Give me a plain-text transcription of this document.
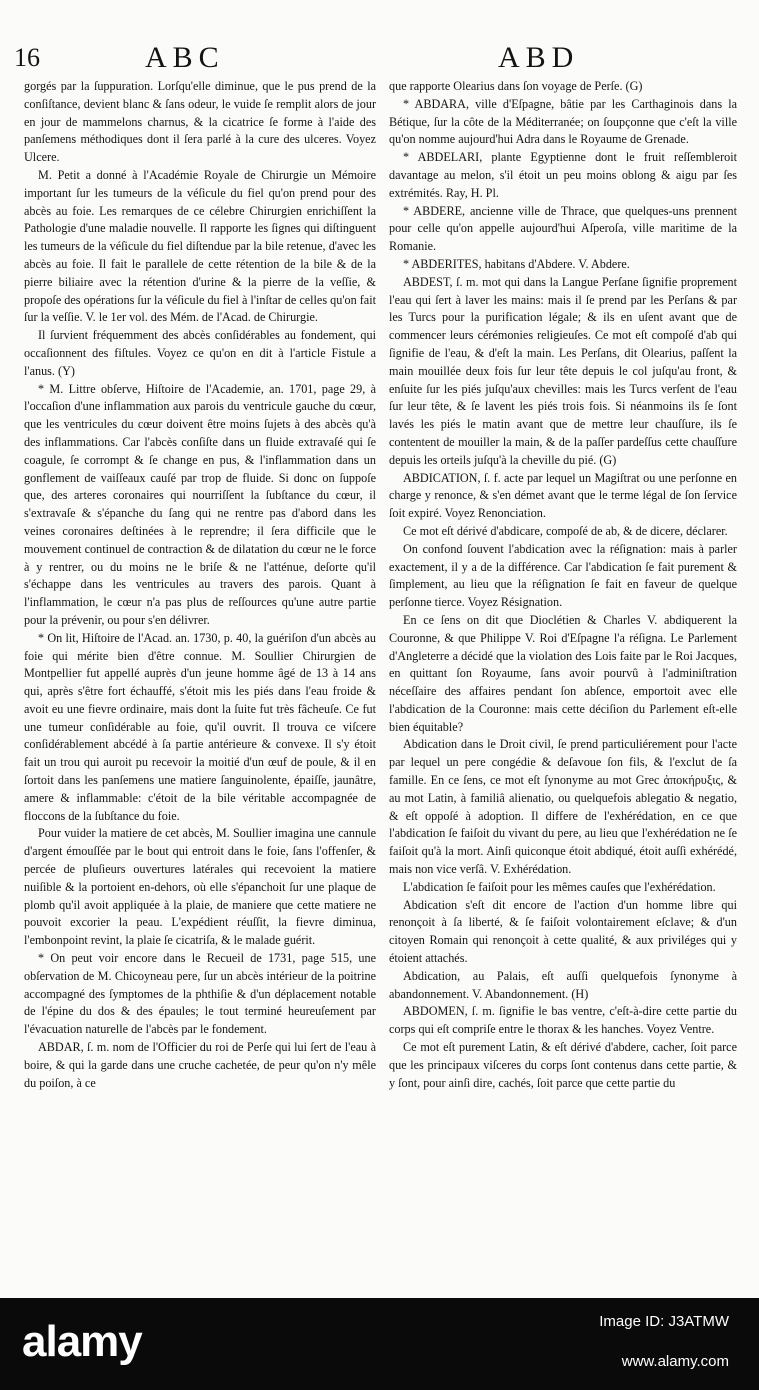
16	ABC	ABD

gorgés par la ſuppuration. Lorſqu'elle diminue, que le pus prend de la conſiſtance, devient blanc & ſans odeur, le vuide ſe remplit alors de jour en jour de mammelons charnus, & la cicatrice ſe forme à l'aide des panſemens méthodiques dont il ſera parlé à la cure des ulceres. Voyez Ulcere.

M. Petit a donné à l'Académie Royale de Chirurgie un Mémoire important ſur les tumeurs de la véſicule du fiel qu'on prend pour des abcès au foie. Les remarques de ce célebre Chirurgien enrichiſſent la Pathologie d'une maladie nouvelle. Il rapporte les ſignes qui diſtinguent les tumeurs de la véſicule du fiel diſtendue par la bile retenue, d'avec les abcès au foie. Il fait le parallele de cette rétention de la bile & de la pierre biliaire avec la rétention d'urine & la pierre de la veſſie, & propoſe des opérations ſur la véſicule du fiel à l'inſtar de celles qu'on fait ſur la veſſie. V. le 1er vol. des Mém. de l'Acad. de Chirurgie.

Il ſurvient fréquemment des abcès conſidérables au fondement, qui occaſionnent des fiſtules. Voyez ce qu'on en dit à l'article Fistule a l'anus. (Y)

* M. Littre obſerve, Hiſtoire de l'Academie, an. 1701, page 29, à l'occaſion d'une inflammation aux parois du ventricule gauche du cœur, que les ventricules du cœur doivent être moins ſujets à des abcès qu'à des inflammations. Car l'abcès conſiſte dans un fluide extravaſé qui ſe coagule, ſe corrompt & ſe change en pus, & l'inflammation dans un gonflement de vaiſſeaux cauſé par trop de fluide. Si donc on ſuppoſe que, des arteres coronaires qui nourriſſent la ſubſtance du cœur, il s'extravaſe & s'épanche du ſang qui ne rentre pas d'abord dans les veines coronaires deſtinées à le reprendre; il ſera difficile que le mouvement continuel de contraction & de dilatation du cœur ne le force à y rentrer, ou du moins ne le briſe & ne l'atténue, deſorte qu'il s'échappe dans les ventricules au travers des parois. Quant à l'inflammation, le cœur n'a pas plus de reſſources qu'une autre partie pour la prévenir, ou pour s'en délivrer.

* On lit, Hiſtoire de l'Acad. an. 1730, p. 40, la guériſon d'un abcès au foie qui mérite bien d'être connue. M. Soullier Chirurgien de Montpellier fut appellé auprès d'un jeune homme âgé de 13 à 14 ans qui, après s'être fort échauffé, s'étoit mis les piés dans l'eau froide & avoit eu une fievre ordinaire, mais dont la ſuite fut très fâcheuſe. Ce fut une tumeur conſidérable au foie, qu'il ouvrit. Il trouva ce viſcere conſidérablement abcédé à ſa partie antérieure & convexe. Il s'y étoit fait un trou qui auroit pu recevoir la moitié d'un œuf de poule, & il en ſortoit dans les panſemens une matiere ſanguinolente, épaiſſe, jaunâtre, amere & inflammable: c'étoit de la bile véritable accompagnée de floccons de la ſubſtance du foie.

Pour vuider la matiere de cet abcès, M. Soullier imagina une cannule d'argent émouſſée par le bout qui entroit dans le foie, ſans l'offenſer, & percée de pluſieurs ouvertures latérales qui recevoient la matiere nuiſible & la portoient en-dehors, où elle s'épanchoit ſur une plaque de plomb qu'il avoit appliquée à la plaie, de maniere que cette matiere ne pouvoit excorier la peau. L'expédient réuſſit, la fievre diminua, l'embonpoint revint, la plaie ſe cicatriſa, & le malade guérit.

* On peut voir encore dans le Recueil de 1731, page 515, une obſervation de M. Chicoyneau pere, ſur un abcès intérieur de la poitrine accompagné des ſymptomes de la phthiſie & d'un déplacement notable de l'épine du dos & des épaules; le tout terminé heureuſement par l'évacuation naturelle de l'abcès par le fondement.

ABDAR, ſ. m. nom de l'Officier du roi de Perſe qui lui ſert de l'eau à boire, & qui la garde dans une cruche cachetée, de peur qu'on n'y mêle du poiſon, à ce

que rapporte Olearius dans ſon voyage de Perſe. (G)

* ABDARA, ville d'Eſpagne, bâtie par les Carthaginois dans la Bétique, ſur la côte de la Méditerranée; on ſoupçonne que c'eſt la ville qu'on nomme aujourd'hui Adra dans le Royaume de Grenade.

* ABDELARI, plante Egyptienne dont le fruit reſſembleroit davantage au melon, s'il étoit un peu moins oblong & aigu par ſes extrémités. Ray, H. Pl.

* ABDERE, ancienne ville de Thrace, que quelques-uns prennent pour celle qu'on appelle aujourd'hui Aſperoſa, ville maritime de la Romanie.

* ABDERITES, habitans d'Abdere. V. Abdere.

ABDEST, ſ. m. mot qui dans la Langue Perſane ſignifie proprement l'eau qui ſert à laver les mains: mais il ſe prend par les Perſans & par les Turcs pour la purification légale; & ils en uſent avant que de commencer leurs cérémonies religieuſes. Ce mot eſt compoſé d'ab qui ſignifie de l'eau, & d'eſt la main. Les Perſans, dit Olearius, paſſent la main mouillée deux fois ſur leur tête depuis le col juſqu'au front, & enſuite ſur les piés juſqu'aux chevilles: mais les Turcs verſent de l'eau ſur leur tête, & ſe lavent les piés trois fois. Si néanmoins ils ſe ſont lavés les piés le matin avant que de mettre leur chauſſure, ils ſe contentent de mouiller la main, & de la paſſer pardeſſus cette chauſſure depuis les orteils juſqu'à la cheville du pié. (G)

ABDICATION, ſ. f. acte par lequel un Magiſtrat ou une perſonne en charge y renonce, & s'en démet avant que le terme légal de ſon ſervice ſoit expiré. Voyez Renonciation.

Ce mot eſt dérivé d'abdicare, compoſé de ab, & de dicere, déclarer.

On confond ſouvent l'abdication avec la réſignation: mais à parler exactement, il y a de la différence. Car l'abdication ſe fait purement & ſimplement, au lieu que la réſignation ſe fait en faveur de quelque perſonne tierce. Voyez Résignation.

En ce ſens on dit que Dioclétien & Charles V. abdiquerent la Couronne, & que Philippe V. Roi d'Eſpagne l'a réſigna. Le Parlement d'Angleterre a décidé que la violation des Lois faite par le Roi Jacques, en quittant ſon Royaume, ſans avoir pourvû à l'adminiſtration néceſſaire des affaires pendant ſon abſence, emportoit avec elle l'abdication de la Couronne: mais cette déciſion du Parlement eſt-elle bien équitable?

Abdication dans le Droit civil, ſe prend particuliérement pour l'acte par lequel un pere congédie & deſavoue ſon fils, & l'exclut de ſa famille. En ce ſens, ce mot eſt ſynonyme au mot Grec ἀποκήρυξις, & au mot Latin, à familiâ alienatio, ou quelquefois ablegatio & negatio, & eſt oppoſé à adoption. Il differe de l'exhérédation, en ce que l'abdication ſe faiſoit du vivant du pere, au lieu que l'exhérédation ne ſe faiſoit qu'à la mort. Ainſi quiconque étoit abdiqué, étoit auſſi exhérédé, mais non vice verſâ. V. Exhérédation.

L'abdication ſe faiſoit pour les mêmes cauſes que l'exhérédation.

Abdication s'eſt dit encore de l'action d'un homme libre qui renonçoit à ſa liberté, & ſe faiſoit volontairement eſclave; & d'un citoyen Romain qui renonçoit à cette qualité, & aux priviléges qui y étoient attachés.

Abdication, au Palais, eſt auſſi quelquefois ſynonyme à abandonnement. V. Abandonnement. (H)

ABDOMEN, ſ. m. ſignifie le bas ventre, c'eſt-à-dire cette partie du corps qui eſt compriſe entre le thorax & les hanches. Voyez Ventre.

Ce mot eſt purement Latin, & eſt dérivé d'abdere, cacher, ſoit parce que les principaux viſceres du corps ſont contenus dans cette partie, & y ſont, pour ainſi dire, cachés, ſoit parce que cette partie du

alamy	Image ID: J3ATMW
www.alamy.com
